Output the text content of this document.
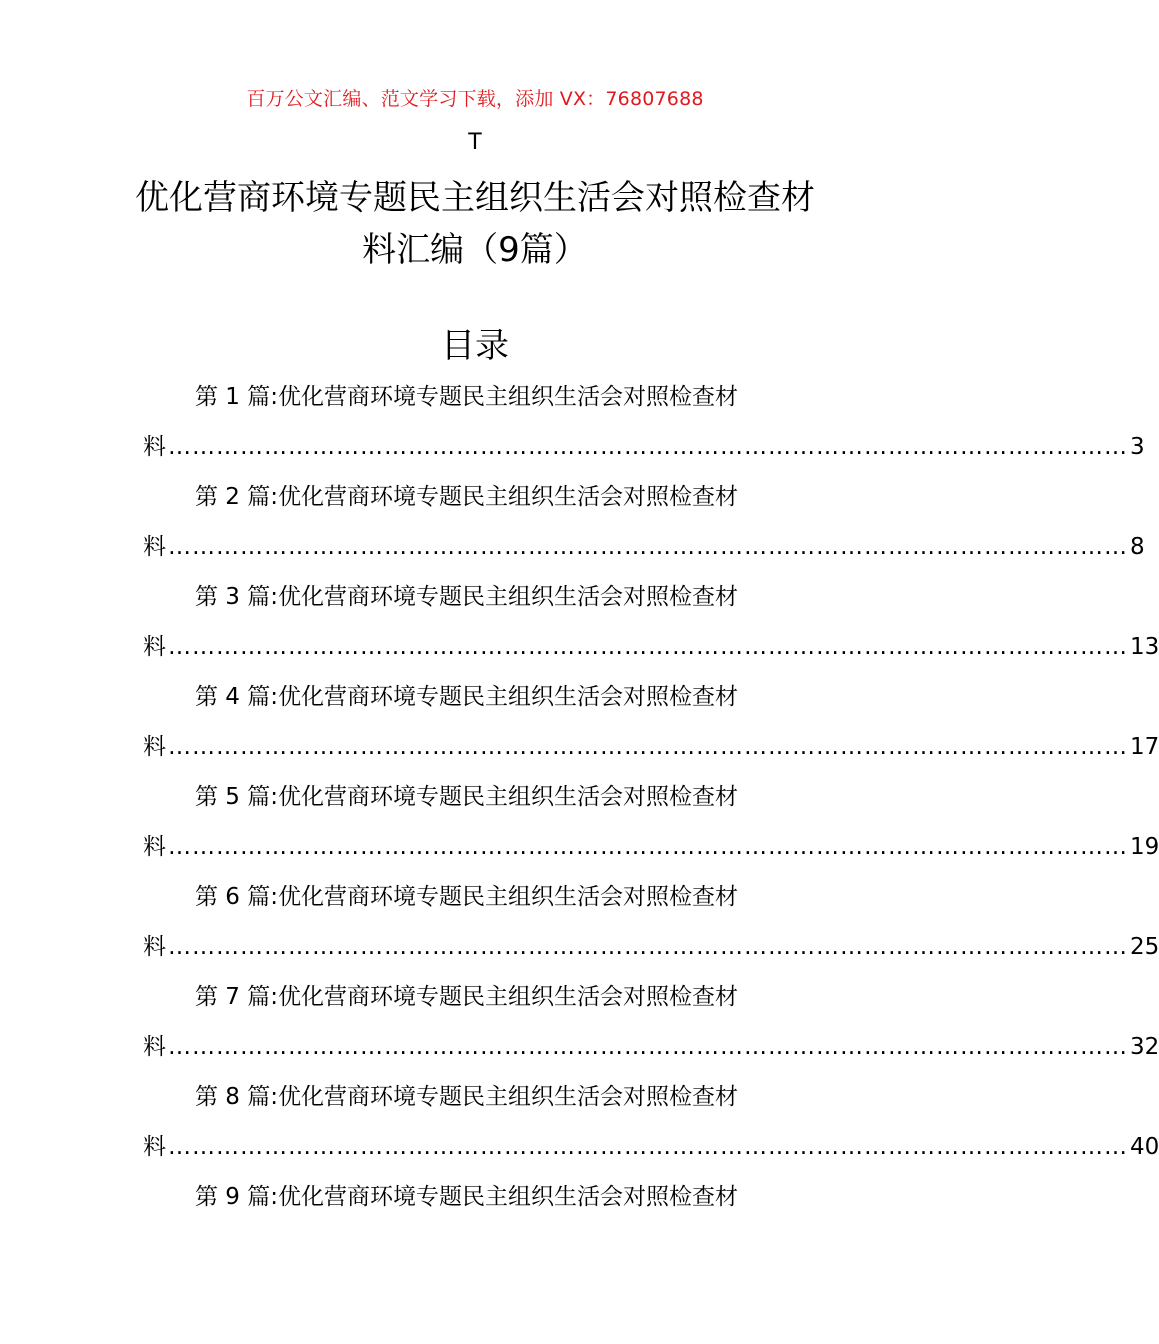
百万公文汇编、范文学习下载，添加 VX：76807688
T
优化营商环境专题民主组织生活会对照检查材料汇编（9篇）
目录
第 1 篇:优化营商环境专题民主组织生活会对照检查材
料 ………………………………………………………………………………………………………… 3
第 2 篇:优化营商环境专题民主组织生活会对照检查材
料 ………………………………………………………………………………………………………… 8
第 3 篇:优化营商环境专题民主组织生活会对照检查材
料 ………………………………………………………………………………………………………… 13
第 4 篇:优化营商环境专题民主组织生活会对照检查材
料 ………………………………………………………………………………………………………… 17
第 5 篇:优化营商环境专题民主组织生活会对照检查材
料 ………………………………………………………………………………………………………… 19
第 6 篇:优化营商环境专题民主组织生活会对照检查材
料 ………………………………………………………………………………………………………… 25
第 7 篇:优化营商环境专题民主组织生活会对照检查材
料 ………………………………………………………………………………………………………… 32
第 8 篇:优化营商环境专题民主组织生活会对照检查材
料 ………………………………………………………………………………………………………… 40
第 9 篇:优化营商环境专题民主组织生活会对照检查材
